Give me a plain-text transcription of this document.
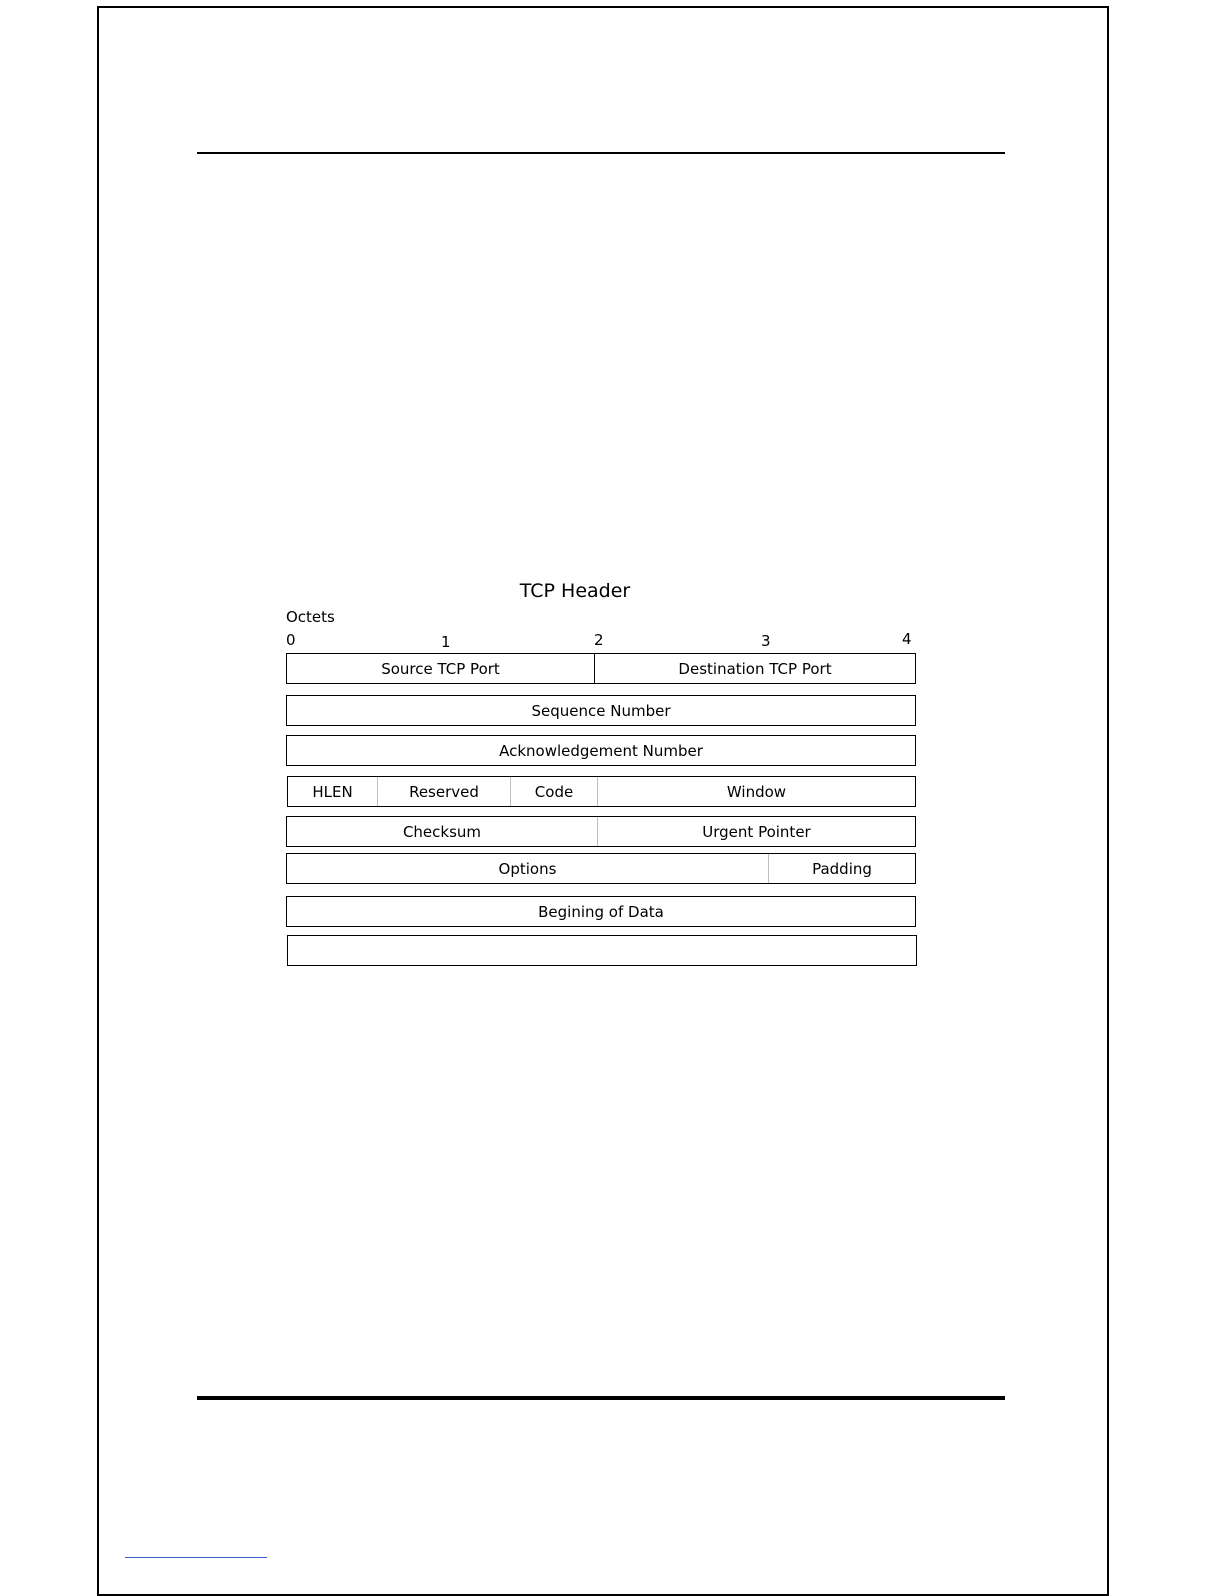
TCP Header
Octets
0	1	2	3	4
Source TCP Port	Destination TCP Port
Sequence Number
Acknowledgement Number
HLEN	Reserved	Code	Window
Checksum	Urgent Pointer
Options	Padding
Begining of Data
